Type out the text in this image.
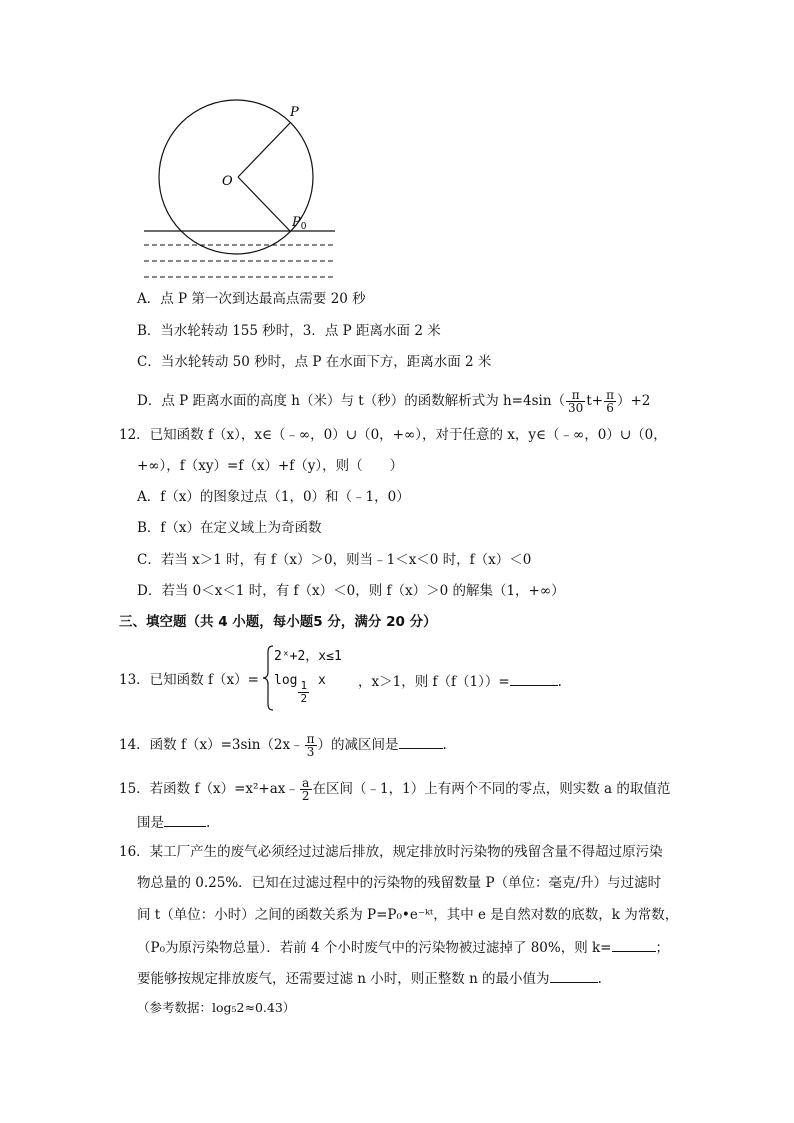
P
O
$P_0$
A．点 P 第一次到达最高点需要 20 秒
B．当水轮转动 155 秒时，3．点 P 距离水面 2 米
C．当水轮转动 50 秒时，点 P 在水面下方，距离水面 2 米
D．点 P 距离水面的高度 h（米）与 t（秒）的函数解析式为 $h=4\sin( \frac{\pi}{30} t+ \frac{\pi}{6} )+2$
12．已知函数 f（x），x∈（﹣∞，0）∪（0，+∞），对于任意的 x，y∈（﹣∞，0）∪（0，
+∞），f（xy）=f（x）+f（y），则（　　）
A．f（x）的图象过点（1，0）和（﹣1，0）
B．f（x）在定义域上为奇函数
C．若当 x＞1 时，有 f（x）＞0，则当﹣1＜x＜0 时，f（x）＜0
D．若当 0＜x＜1 时，有 f（x）＜0，则 f（x）＞0 的解集（1，+∞）
三、填空题（共 4 小题，每小题5 分，满分 20 分）
13．已知函数 f（x）=
2ˣ+2，x≤1
$\log \frac{1}{2}$ x ，x＞1，则 f（f（1））=	.
14．函数 f（x）=3sin（2x﹣ $\frac{\pi}{3}$ ）的减区间是	.
15．若函数 f（x）=x²+ax﹣ $\frac{a}{2}$ 在区间（﹣1，1）上有两个不同的零点，则实数 a 的取值范
围是	.
16．某工厂产生的废气必须经过过滤后排放，规定排放时污染物的残留含量不得超过原污染
物总量的 0.25%．已知在过滤过程中的污染物的残留数量 P（单位：毫克/升）与过滤时
间 t（单位：小时）之间的函数关系为 P=P₀•e⁻ᵏᵗ，其中 e 是自然对数的底数，k 为常数，
（P₀为原污染物总量）．若前 4 个小时废气中的污染物被过滤掉了 80%，则 k=	；
要能够按规定排放废气，还需要过滤 n 小时，则正整数 n 的最小值为	.
（参考数据：log₅2≈0.43）
